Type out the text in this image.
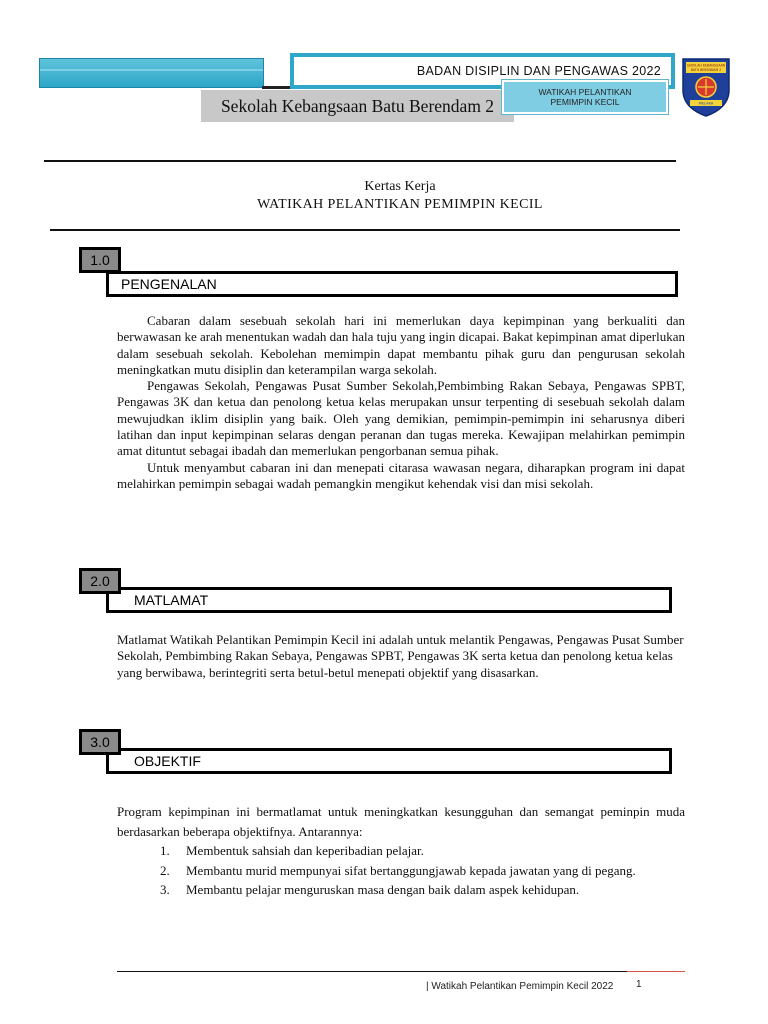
BADAN DISIPLIN DAN PENGAWAS 2022
Sekolah Kebangsaan Batu Berendam 2
WATIKAH PELANTIKAN
PEMIMPIN KECIL
SEKOLAH KEBANGSAAN
BATU BERENDAM 2
MELAKA
Kertas Kerja
WATIKAH PELANTIKAN PEMIMPIN KECIL
1.0
PENGENALAN

Cabaran dalam sesebuah sekolah hari ini memerlukan daya kepimpinan yang berkualiti dan berwawasan ke arah menentukan wadah dan hala tuju yang ingin dicapai. Bakat kepimpinan amat diperlukan dalam sesebuah sekolah. Kebolehan memimpin dapat membantu pihak guru dan pengurusan sekolah meningkatkan mutu disiplin dan keterampilan warga sekolah.

Pengawas Sekolah, Pengawas Pusat Sumber Sekolah,Pembimbing Rakan Sebaya, Pengawas SPBT, Pengawas 3K dan ketua dan penolong ketua kelas merupakan unsur terpenting di sesebuah sekolah dalam mewujudkan iklim disiplin yang baik. Oleh yang demikian, pemimpin-pemimpin ini seharusnya diberi latihan dan input kepimpinan selaras dengan peranan dan tugas mereka. Kewajipan melahirkan pemimpin amat dituntut sebagai ibadah dan memerlukan pengorbanan semua pihak.

Untuk menyambut cabaran ini dan menepati citarasa wawasan negara, diharapkan program ini dapat melahirkan pemimpin sebagai wadah pemangkin mengikut kehendak visi dan misi sekolah.

2.0
MATLAMAT

Matlamat Watikah Pelantikan Pemimpin Kecil ini adalah untuk melantik Pengawas, Pengawas Pusat Sumber Sekolah, Pembimbing Rakan Sebaya, Pengawas SPBT, Pengawas 3K serta ketua dan penolong ketua kelas yang berwibawa, berintegriti serta betul-betul menepati objektif yang disasarkan.

3.0
OBJEKTIF

Program kepimpinan ini bermatlamat untuk meningkatkan kesungguhan dan semangat peminpin muda berdasarkan beberapa objektifnya. Antarannya:

1.	Membentuk sahsiah dan keperibadian pelajar.
2.	Membantu murid mempunyai sifat bertanggungjawab kepada jawatan yang di pegang.
3.	Membantu pelajar menguruskan masa dengan baik dalam aspek kehidupan.
| Watikah Pelantikan Pemimpin Kecil 2022 1
